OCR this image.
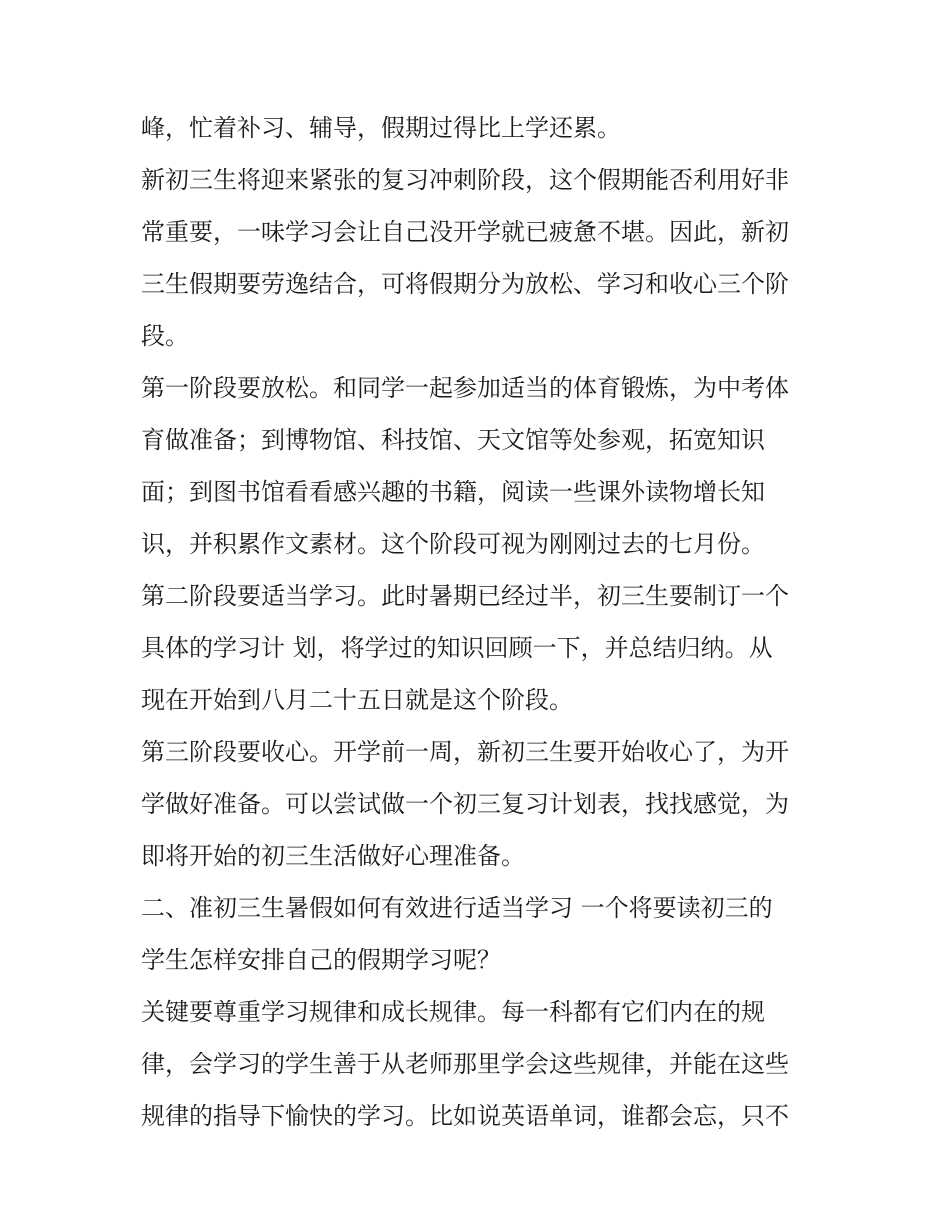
峰，忙着补习、辅导，假期过得比上学还累。
新初三生将迎来紧张的复习冲刺阶段，这个假期能否利用好非
常重要，一味学习会让自己没开学就已疲惫不堪。因此，新初
三生假期要劳逸结合，可将假期分为放松、学习和收心三个阶
段。
第一阶段要放松。和同学一起参加适当的体育锻炼，为中考体
育做准备；到博物馆、科技馆、天文馆等处参观，拓宽知识
面；到图书馆看看感兴趣的书籍，阅读一些课外读物增长知
识，并积累作文素材。这个阶段可视为刚刚过去的七月份。
第二阶段要适当学习。此时暑期已经过半，初三生要制订一个
具体的学习计 划，将学过的知识回顾一下，并总结归纳。从
现在开始到八月二十五日就是这个阶段。
第三阶段要收心。开学前一周，新初三生要开始收心了，为开
学做好准备。可以尝试做一个初三复习计划表，找找感觉，为
即将开始的初三生活做好心理准备。
二、准初三生暑假如何有效进行适当学习 一个将要读初三的
学生怎样安排自己的假期学习呢？
关键要尊重学习规律和成长规律。每一科都有它们内在的规
律，会学习的学生善于从老师那里学会这些规律，并能在这些
规律的指导下愉快的学习。比如说英语单词，谁都会忘，只不
